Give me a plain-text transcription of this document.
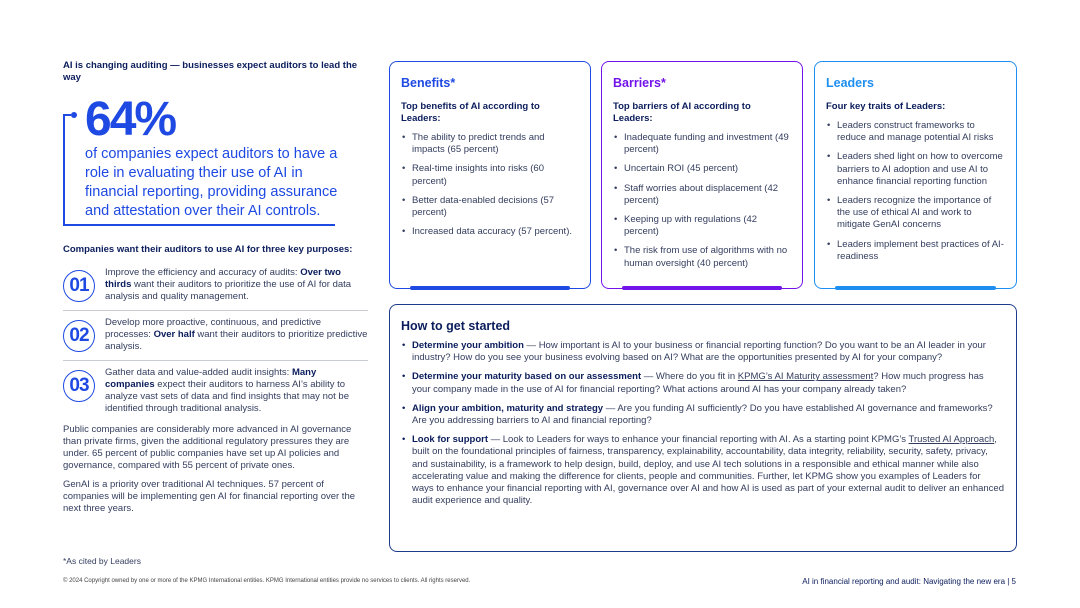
AI is changing auditing — businesses expect auditors to lead the way
64%
of companies expect auditors to have a role in evaluating their use of AI in financial reporting, providing assurance and attestation over their AI controls.
Companies want their auditors to use AI for three key purposes:
01
Improve the efficiency and accuracy of audits: Over two thirds want their auditors to prioritize the use of AI for data analysis and quality management.
02
Develop more proactive, continuous, and predictive processes: Over half want their auditors to prioritize predictive analysis.
03
Gather data and value-added audit insights: Many companies expect their auditors to harness AI’s ability to analyze vast sets of data and find insights that may not be identified through traditional analysis.
Public companies are considerably more advanced in AI governance than private firms, given the additional regulatory pressures they are under. 65 percent of public companies have set up AI policies and governance, compared with 55 percent of private ones.
GenAI is a priority over traditional AI techniques. 57 percent of companies will be implementing gen AI for financial reporting over the next three years.
*As cited by Leaders
Benefits*
Top benefits of AI according to Leaders:
• The ability to predict trends and impacts (65 percent)
• Real-time insights into risks (60 percent)
• Better data-enabled decisions (57 percent)
• Increased data accuracy (57 percent).
Barriers*
Top barriers of AI according to Leaders:
• Inadequate funding and investment (49 percent)
• Uncertain ROI (45 percent)
• Staff worries about displacement (42 percent)
• Keeping up with regulations (42 percent)
• The risk from use of algorithms with no human oversight (40 percent)
Leaders
Four key traits of Leaders:
• Leaders construct frameworks to reduce and manage potential AI risks
• Leaders shed light on how to overcome barriers to AI adoption and use AI to enhance financial reporting function
• Leaders recognize the importance of the use of ethical AI and work to mitigate GenAI concerns
• Leaders implement best practices of AI-readiness
How to get started
• Determine your ambition — How important is AI to your business or financial reporting function? Do you want to be an AI leader in your industry? How do you see your business evolving based on AI? What are the opportunities presented by AI for your company?
• Determine your maturity based on our assessment — Where do you fit in KPMG’s AI Maturity assessment? How much progress has your company made in the use of AI for financial reporting? What actions around AI has your company already taken?
• Align your ambition, maturity and strategy — Are you funding AI sufficiently? Do you have established AI governance and frameworks? Are you addressing barriers to AI and financial reporting?
• Look for support — Look to Leaders for ways to enhance your financial reporting with AI. As a starting point KPMG’s Trusted AI Approach, built on the foundational principles of fairness, transparency, explainability, accountability, data integrity, reliability, security, safety, privacy, and sustainability, is a framework to help design, build, deploy, and use AI tech solutions in a responsible and ethical manner while also accelerating value and making the difference for clients, people and communities. Further, let KPMG show you examples of Leaders for ways to enhance your financial reporting with AI, governance over AI and how AI is used as part of your external audit to deliver an enhanced audit experience and quality.
© 2024 Copyright owned by one or more of the KPMG International entities. KPMG International entities provide no services to clients. All rights reserved.	AI in financial reporting and audit: Navigating the new era | 5
